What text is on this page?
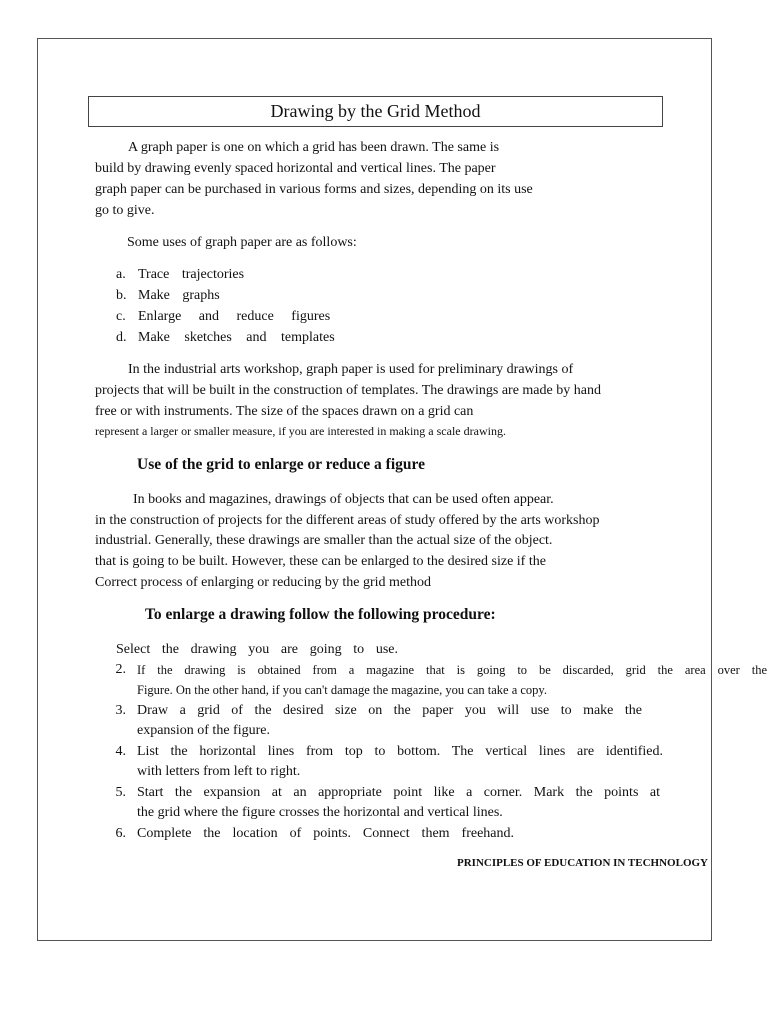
Drawing by the Grid Method

A graph paper is one on which a grid has been drawn. The same is

build by drawing evenly spaced horizontal and vertical lines. The paper

graph paper can be purchased in various forms and sizes, depending on its use

go to give.

Some uses of graph paper are as follows:

a. Trace trajectories
b. Make graphs
c. Enlarge and reduce figures
d. Make sketches and templates

In the industrial arts workshop, graph paper is used for preliminary drawings of

projects that will be built in the construction of templates. The drawings are made by hand

free or with instruments. The size of the spaces drawn on a grid can

represent a larger or smaller measure, if you are interested in making a scale drawing.

Use of the grid to enlarge or reduce a figure

In books and magazines, drawings of objects that can be used often appear.

in the construction of projects for the different areas of study offered by the arts workshop

industrial. Generally, these drawings are smaller than the actual size of the object.

that is going to be built. However, these can be enlarged to the desired size if the

Correct process of enlarging or reducing by the grid method

To enlarge a drawing follow the following procedure:
Select the drawing you are going to use.
2. If the drawing is obtained from a magazine that is going to be discarded, grid the area over the
Figure. On the other hand, if you can't damage the magazine, you can take a copy.
3. Draw a grid of the desired size on the paper you will use to make the
expansion of the figure.
4. List the horizontal lines from top to bottom. The vertical lines are identified.
with letters from left to right.
5. Start the expansion at an appropriate point like a corner. Mark the points at
the grid where the figure crosses the horizontal and vertical lines.
6. Complete the location of points. Connect them freehand.
PRINCIPLES OF EDUCATION IN TECHNOLOGY
